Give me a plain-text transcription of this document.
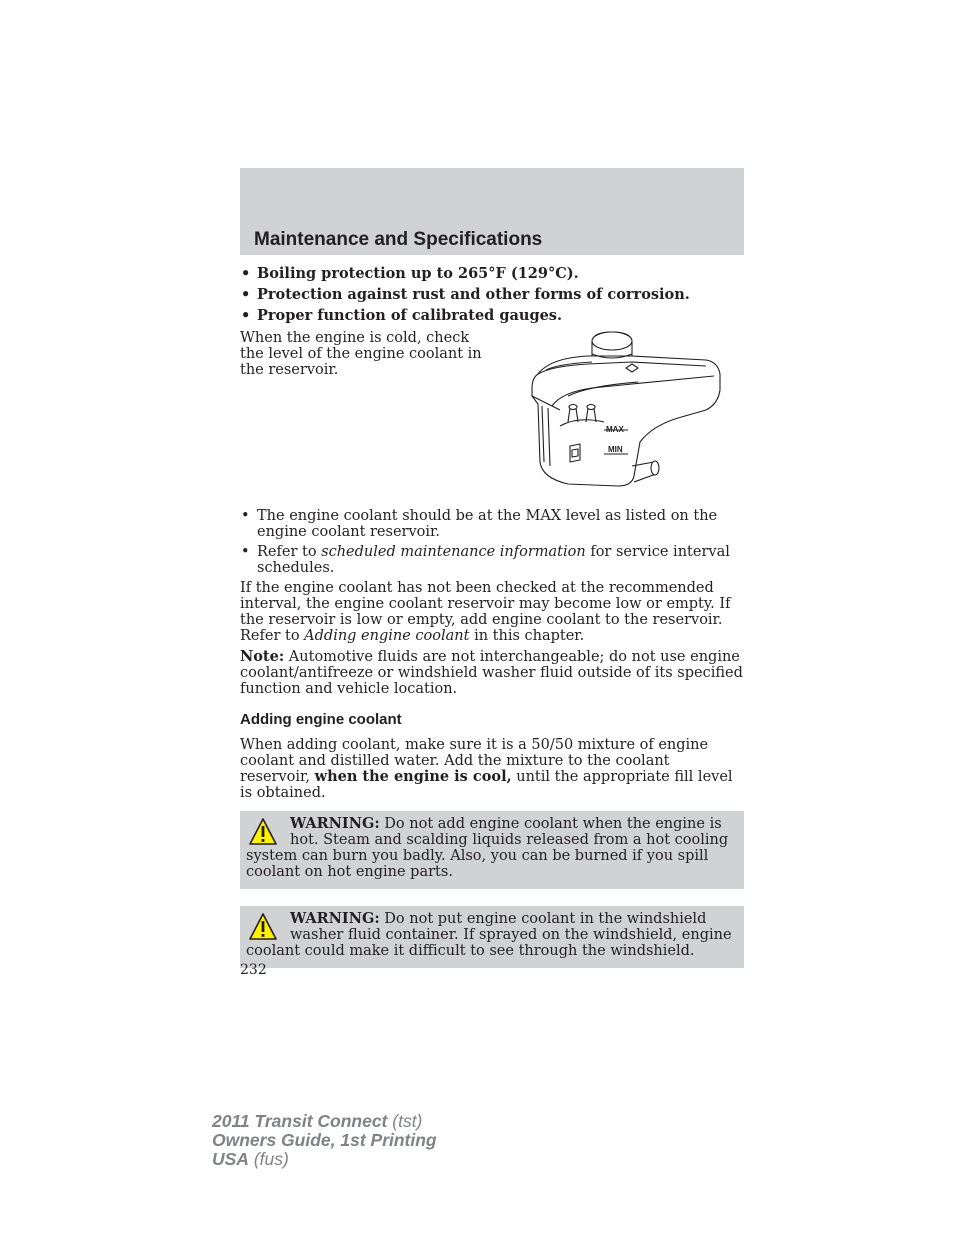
Maintenance and Specifications
• Boiling protection up to 265°F (129°C).
• Protection against rust and other forms of corrosion.
• Proper function of calibrated gauges.

When the engine is cold, check the level of the engine coolant in the reservoir.

MAX
MIN
• The engine coolant should be at the MAX level as listed on the engine coolant reservoir.
• Refer to scheduled maintenance information for service interval schedules.

If the engine coolant has not been checked at the recommended interval, the engine coolant reservoir may become low or empty. If the reservoir is low or empty, add engine coolant to the reservoir. Refer to Adding engine coolant in this chapter.

Note: Automotive fluids are not interchangeable; do not use engine coolant/antifreeze or windshield washer fluid outside of its specified function and vehicle location.

Adding engine coolant

When adding coolant, make sure it is a 50/50 mixture of engine coolant and distilled water. Add the mixture to the coolant reservoir, when the engine is cool, until the appropriate fill level is obtained.

WARNING: Do not add engine coolant when the engine is hot. Steam and scalding liquids released from a hot cooling system can burn you badly. Also, you can be burned if you spill coolant on hot engine parts.
WARNING: Do not put engine coolant in the windshield washer fluid container. If sprayed on the windshield, engine coolant could make it difficult to see through the windshield.
232
2011 Transit Connect (tst)
Owners Guide, 1st Printing
USA (fus)
